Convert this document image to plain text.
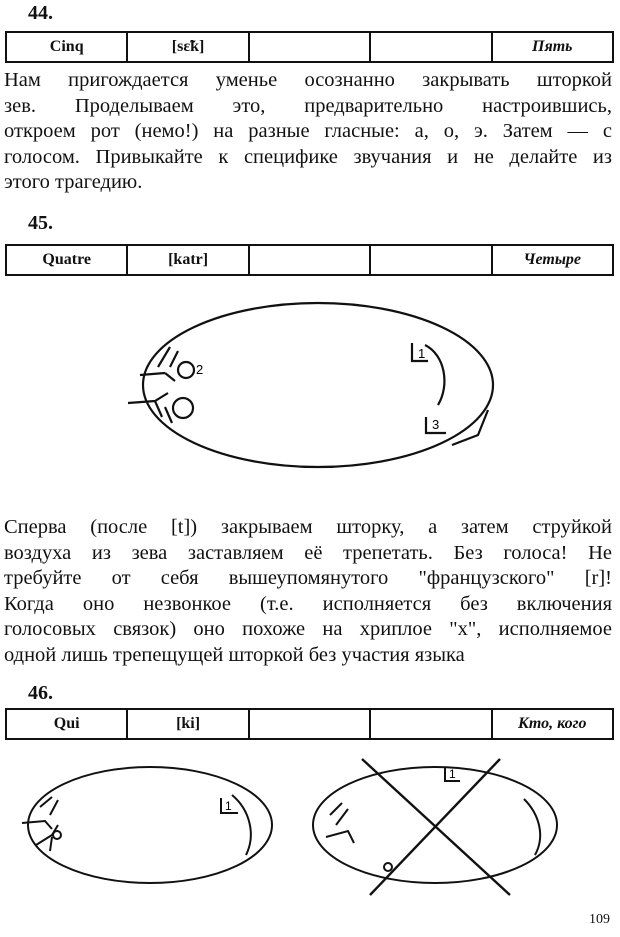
44.
Cinq	[sε̃k]			Пять
Нам пригождается уменье осознанно закрывать шторкой
зев. Проделываем это, предварительно настроившись,
откроем рот (немо!) на разные гласные: а, о, э. Затем — с
голосом. Привыкайте к специфике звучания и не делайте из
этого трагедию.
45.
Quatre	[katr]			Четыре
2
1
3
Сперва (после [t]) закрываем шторку, а затем струйкой
воздуха из зева заставляем её трепетать. Без голоса! Не
требуйте от себя вышеупомянутого "французского" [r]!
Когда оно незвонкое (т.е. исполняется без включения
голосовых связок) оно похоже на хриплое "х", исполняемое
одной лишь трепещущей шторкой без участия языка
46.
Qui	[ki]			Кто, кого
1
1
109
